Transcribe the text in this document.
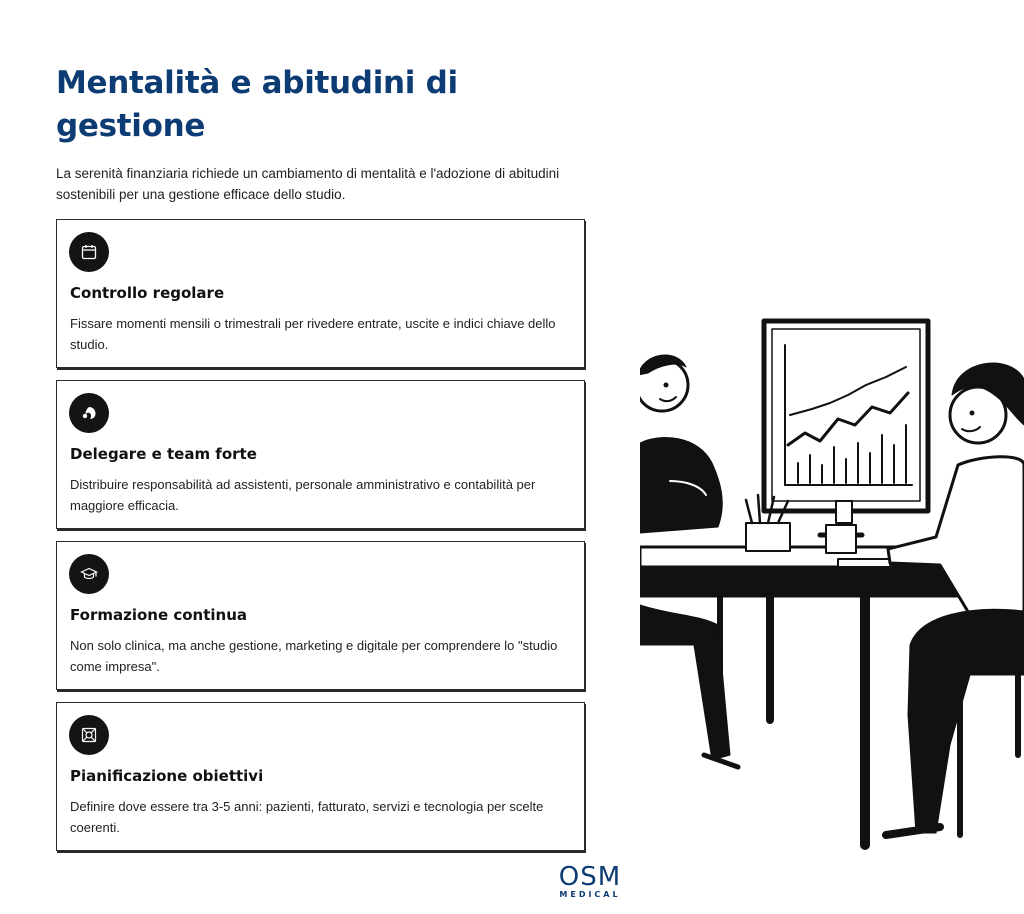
Mentalità e abitudini di gestione

La serenità finanziaria richiede un cambiamento di mentalità e l'adozione di abitudini sostenibili per una gestione efficace dello studio.

Controllo regolare
Fissare momenti mensili o trimestrali per rivedere entrate, uscite e indici chiave dello studio.
Delegare e team forte
Distribuire responsabilità ad assistenti, personale amministrativo e contabilità per maggiore efficacia.
Formazione continua
Non solo clinica, ma anche gestione, marketing e digitale per comprendere lo "studio come impresa".
Pianificazione obiettivi
Definire dove essere tra 3-5 anni: pazienti, fatturato, servizi e tecnologia per scelte coerenti.
OSM
MEDICAL
